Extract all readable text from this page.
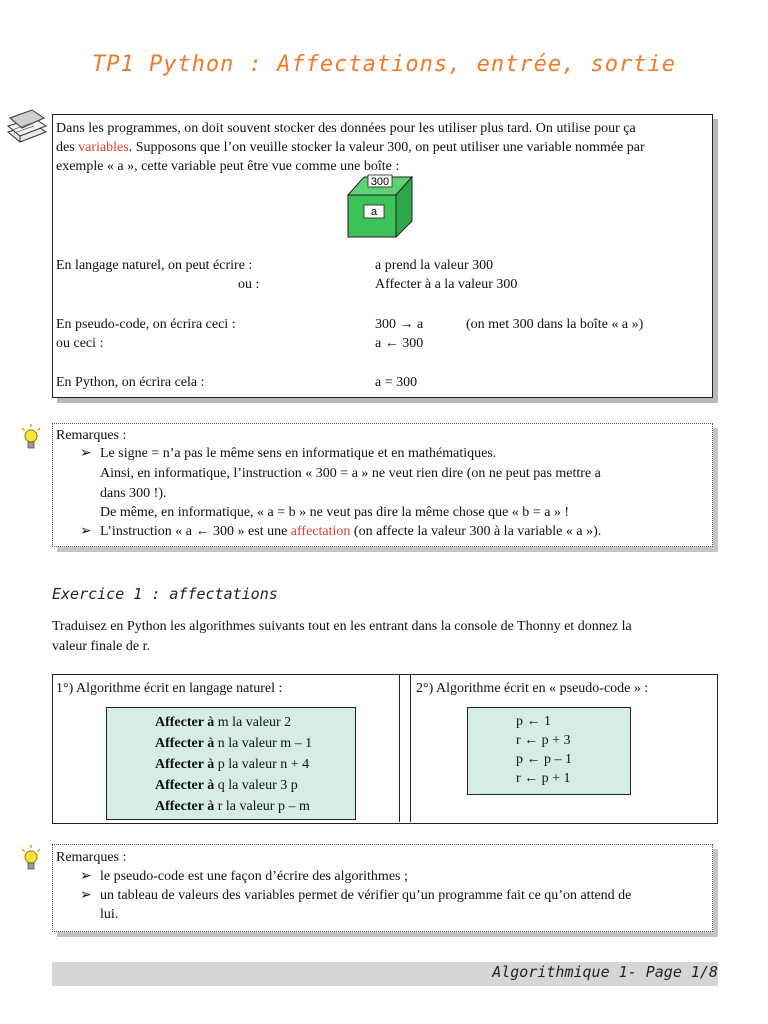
TP1 Python : Affectations, entrée, sortie
Dans les programmes, on doit souvent stocker des données pour les utiliser plus tard. On utilise pour ça
des variables. Supposons que l’on veuille stocker la valeur 300, on peut utiliser une variable nommée par
exemple « a », cette variable peut être vue comme une boîte :
300
a
En langage naturel, on peut écrire :	a prend la valeur 300
ou :	Affecter à a la valeur 300
En pseudo-code, on écrira ceci :	300 → a	(on met 300 dans la boîte « a »)
ou ceci :	a ← 300
En Python, on écrira cela :	a = 300
Remarques :
➢ Le signe = n’a pas le même sens en informatique et en mathématiques.
Ainsi, en informatique, l’instruction « 300 = a » ne veut rien dire (on ne peut pas mettre a
dans 300 !).
De même, en informatique, « a = b » ne veut pas dire la même chose que « b = a » !
➢ L’instruction « a ← 300 » est une affectation (on affecte la valeur 300 à la variable « a »).
Exercice 1 : affectations
Traduisez en Python les algorithmes suivants tout en les entrant dans la console de Thonny et donnez la
valeur finale de r.
1°) Algorithme écrit en langage naturel :	2°) Algorithme écrit en « pseudo-code » :
Affecter à m la valeur 2
Affecter à n la valeur m – 1
Affecter à p la valeur n + 4
Affecter à q la valeur 3 p
Affecter à r la valeur p – m
p ← 1
r ← p + 3
p ← p – 1
r ← p + 1
Remarques :
➢ le pseudo-code est une façon d’écrire des algorithmes ;
➢ un tableau de valeurs des variables permet de vérifier qu’un programme fait ce qu’on attend de
lui.
Algorithmique 1- Page 1/8
